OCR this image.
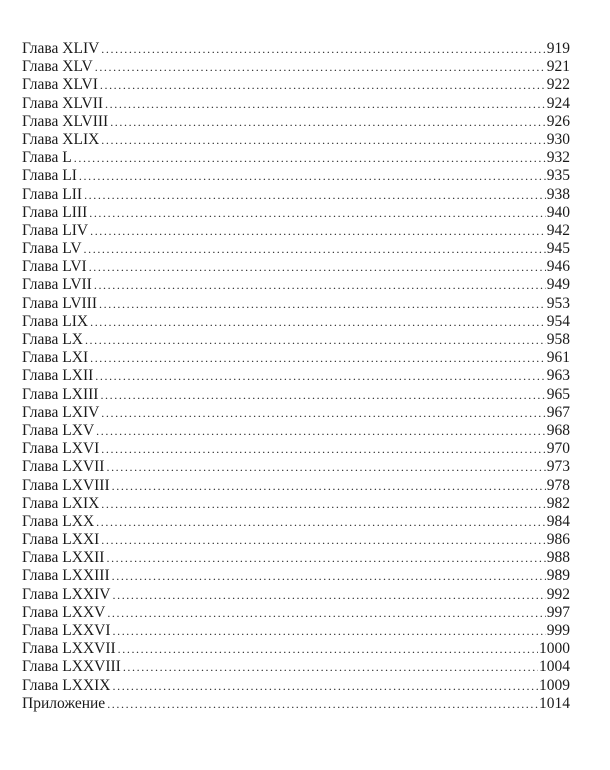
Глава XLIV .....	919
Глава XLV .....	921
Глава XLVI .....	922
Глава XLVII .....	924
Глава XLVIII .....	926
Глава XLIX .....	930
Глава L .....	932
Глава LI .....	935
Глава LII .....	938
Глава LIII .....	940
Глава LIV .....	942
Глава LV .....	945
Глава LVI .....	946
Глава LVII .....	949
Глава LVIII .....	953
Глава LIX .....	954
Глава LX .....	958
Глава LXI .....	961
Глава LXII .....	963
Глава LXIII .....	965
Глава LXIV .....	967
Глава LXV .....	968
Глава LXVI .....	970
Глава LXVII .....	973
Глава LXVIII .....	978
Глава LXIX .....	982
Глава LXX .....	984
Глава LXXI .....	986
Глава LXXII .....	988
Глава LXXIII .....	989
Глава LXXIV .....	992
Глава LXXV .....	997
Глава LXXVI .....	999
Глава LXXVII .....	1000
Глава LXXVIII .....	1004
Глава LXXIX .....	1009
Приложение .....	1014
